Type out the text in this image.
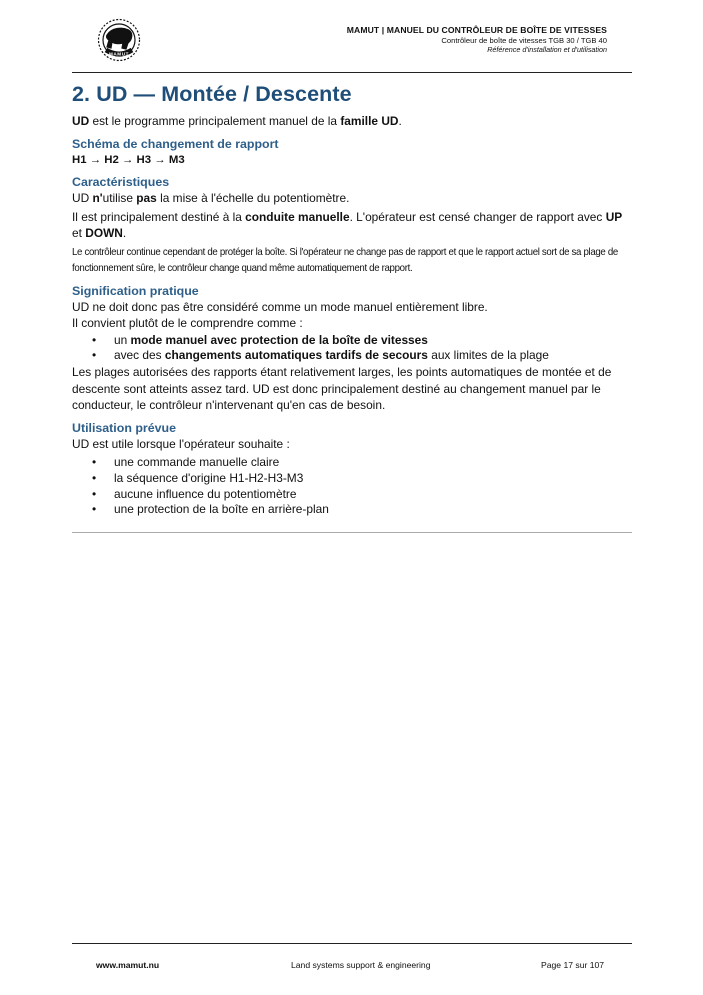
MAMUT
MAMUT | MANUEL DU CONTRÔLEUR DE BOÎTE DE VITESSES
Contrôleur de boîte de vitesses TGB 30 / TGB 40
Référence d'installation et d'utilisation
2. UD — Montée / Descente

UD est le programme principalement manuel de la famille UD.

Schéma de changement de rapport

H1 → H2 → H3 → M3

Caractéristiques

UD n'utilise pas la mise à l'échelle du potentiomètre.

Il est principalement destiné à la conduite manuelle. L'opérateur est censé changer de rapport avec UP et DOWN.

Le contrôleur continue cependant de protéger la boîte. Si l'opérateur ne change pas de rapport et que le rapport actuel sort de sa plage de fonctionnement sûre, le contrôleur change quand même automatiquement de rapport.

Signification pratique

UD ne doit donc pas être considéré comme un mode manuel entièrement libre.

Il convient plutôt de le comprendre comme :

• un mode manuel avec protection de la boîte de vitesses
• avec des changements automatiques tardifs de secours aux limites de la plage

Les plages autorisées des rapports étant relativement larges, les points automatiques de montée et de descente sont atteints assez tard. UD est donc principalement destiné au changement manuel par le conducteur, le contrôleur n'intervenant qu'en cas de besoin.

Utilisation prévue

UD est utile lorsque l'opérateur souhaite :

• une commande manuelle claire
• la séquence d'origine H1-H2-H3-M3
• aucune influence du potentiomètre
• une protection de la boîte en arrière-plan
www.mamut.nu	Land systems support & engineering	Page 17 sur 107
